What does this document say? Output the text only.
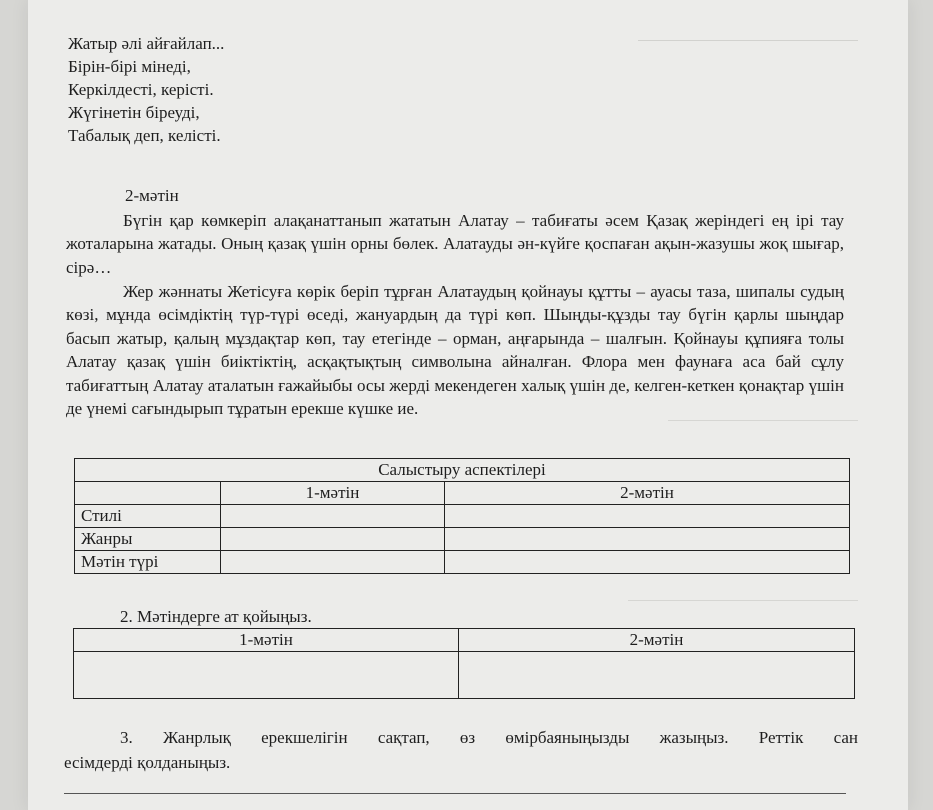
Жатыр әлі айғайлап...
Бірін-бірі мінеді,
Керкілдесті, керісті.
Жүгінетін біреуді,
Табалық деп, келісті.
2-мәтін
Бүгін қар көмкеріп алақанаттанып жататын Алатау – табиғаты әсем Қазақ жеріндегі ең ірі тау жоталарына жатады. Оның қазақ үшін орны бөлек. Алатауды ән-күйге қоспаған ақын-жазушы жоқ шығар, сірә…
Жер жәннаты Жетісуға көрік беріп тұрған Алатаудың қойнауы құтты – ауасы таза, шипалы судың көзі, мұнда өсімдіктің түр-түрі өседі, жануардың да түрі көп. Шыңды-құзды тау бүгін қарлы шыңдар басып жатыр, қалың мұздақтар көп, тау етегінде – орман, аңғарында – шалғын. Қойнауы құпияға толы Алатау қазақ үшін биіктіктің, асқақтықтың символына айналған. Флора мен фаунаға аса бай сұлу табиғаттың Алатау аталатын ғажайыбы осы жерді мекендеген халық үшін де, келген-кеткен қонақтар үшін де үнемі сағындырып тұратын ерекше күшке ие.
Салыстыру аспектілері		
	1-мәтін	2-мәтін
Стилі		
Жанры		
Мәтін түрі		
2. Мәтіндерге ат қойыңыз.
1-мәтін	2-мәтін

3. Жанрлық ерекшелігін сақтап, өз өмірбаяныңызды жазыңыз. Реттік сан
есімдерді қолданыңыз.
